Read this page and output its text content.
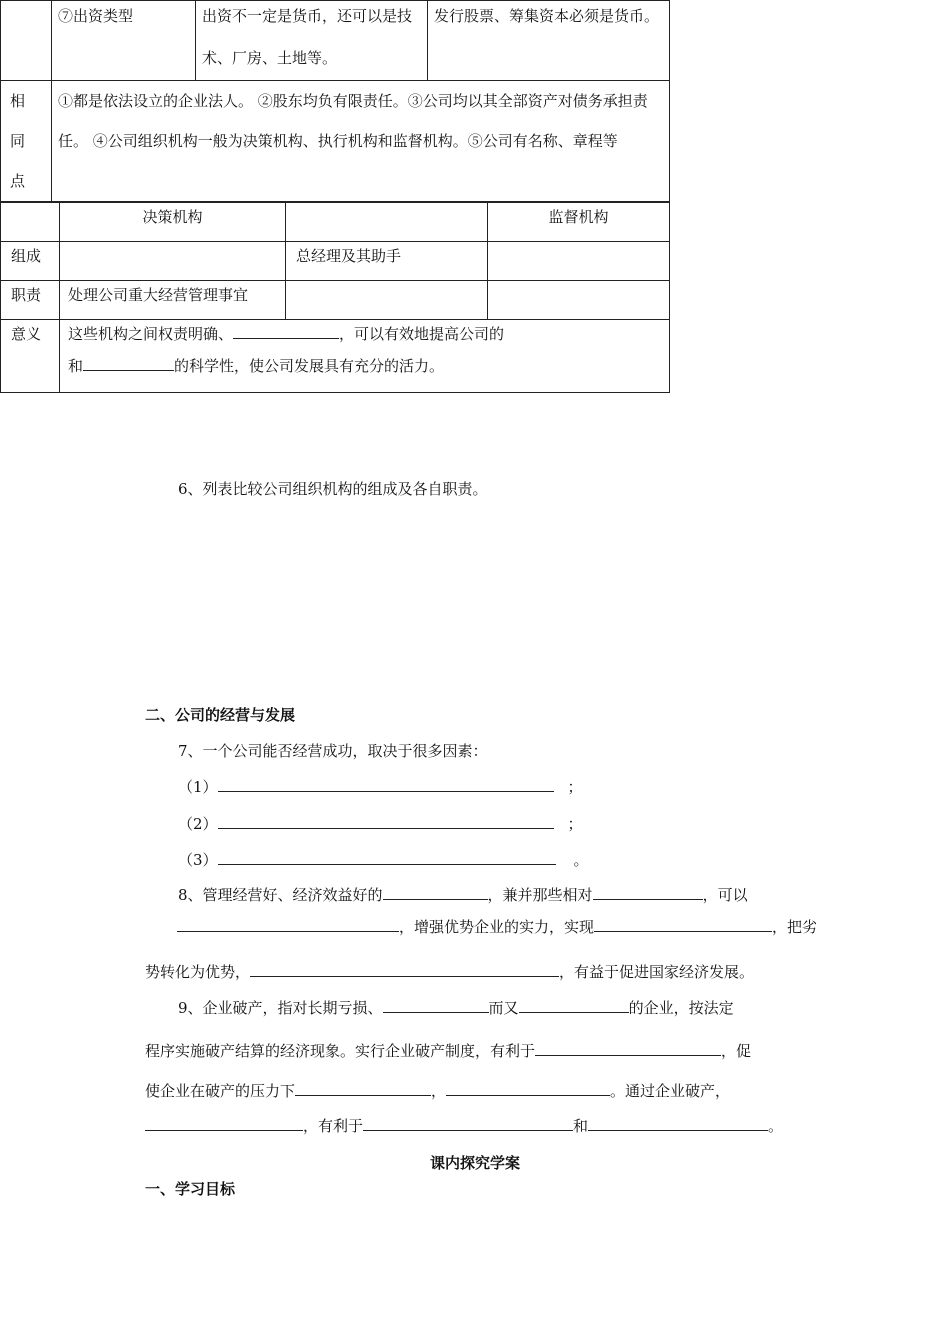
	⑦出资类型	出资不一定是货币，还可以是技术、厂房、土地等。	发行股票、筹集资本必须是货币。

相
同
点	①都是依法设立的企业法人。 ②股东均负有限责任。③公司均以其全部资产对债务承担责任。 ④公司组织机构一般为决策机构、执行机构和监督机构。⑤公司有名称、章程等		
6、列表比较公司组织机构的组成及各自职责。

	决策机构		监督机构

组成		总经理及其助手	

职责	处理公司重大经营管理事宜		

意义	这些机构之间权责明确、 ，可以有效地提高公司的
和 的科学性，使公司发展具有充分的活力。		
二、公司的经营与发展
7、一个公司能否经营成功，取决于很多因素：
（1）	；
（2）	；
（3）	。
8、管理经营好、经济效益好的	，兼并那些相对	，可以
，增强优势企业的实力，实现	，把劣
势转化为优势，	，有益于促进国家经济发展。
9、企业破产，指对长期亏损、	而又	的企业，按法定
程序实施破产结算的经济现象。实行企业破产制度，有利于	，促
使企业在破产的压力下	，	。通过企业破产，
，有利于	和	。
课内探究学案
一、学习目标
